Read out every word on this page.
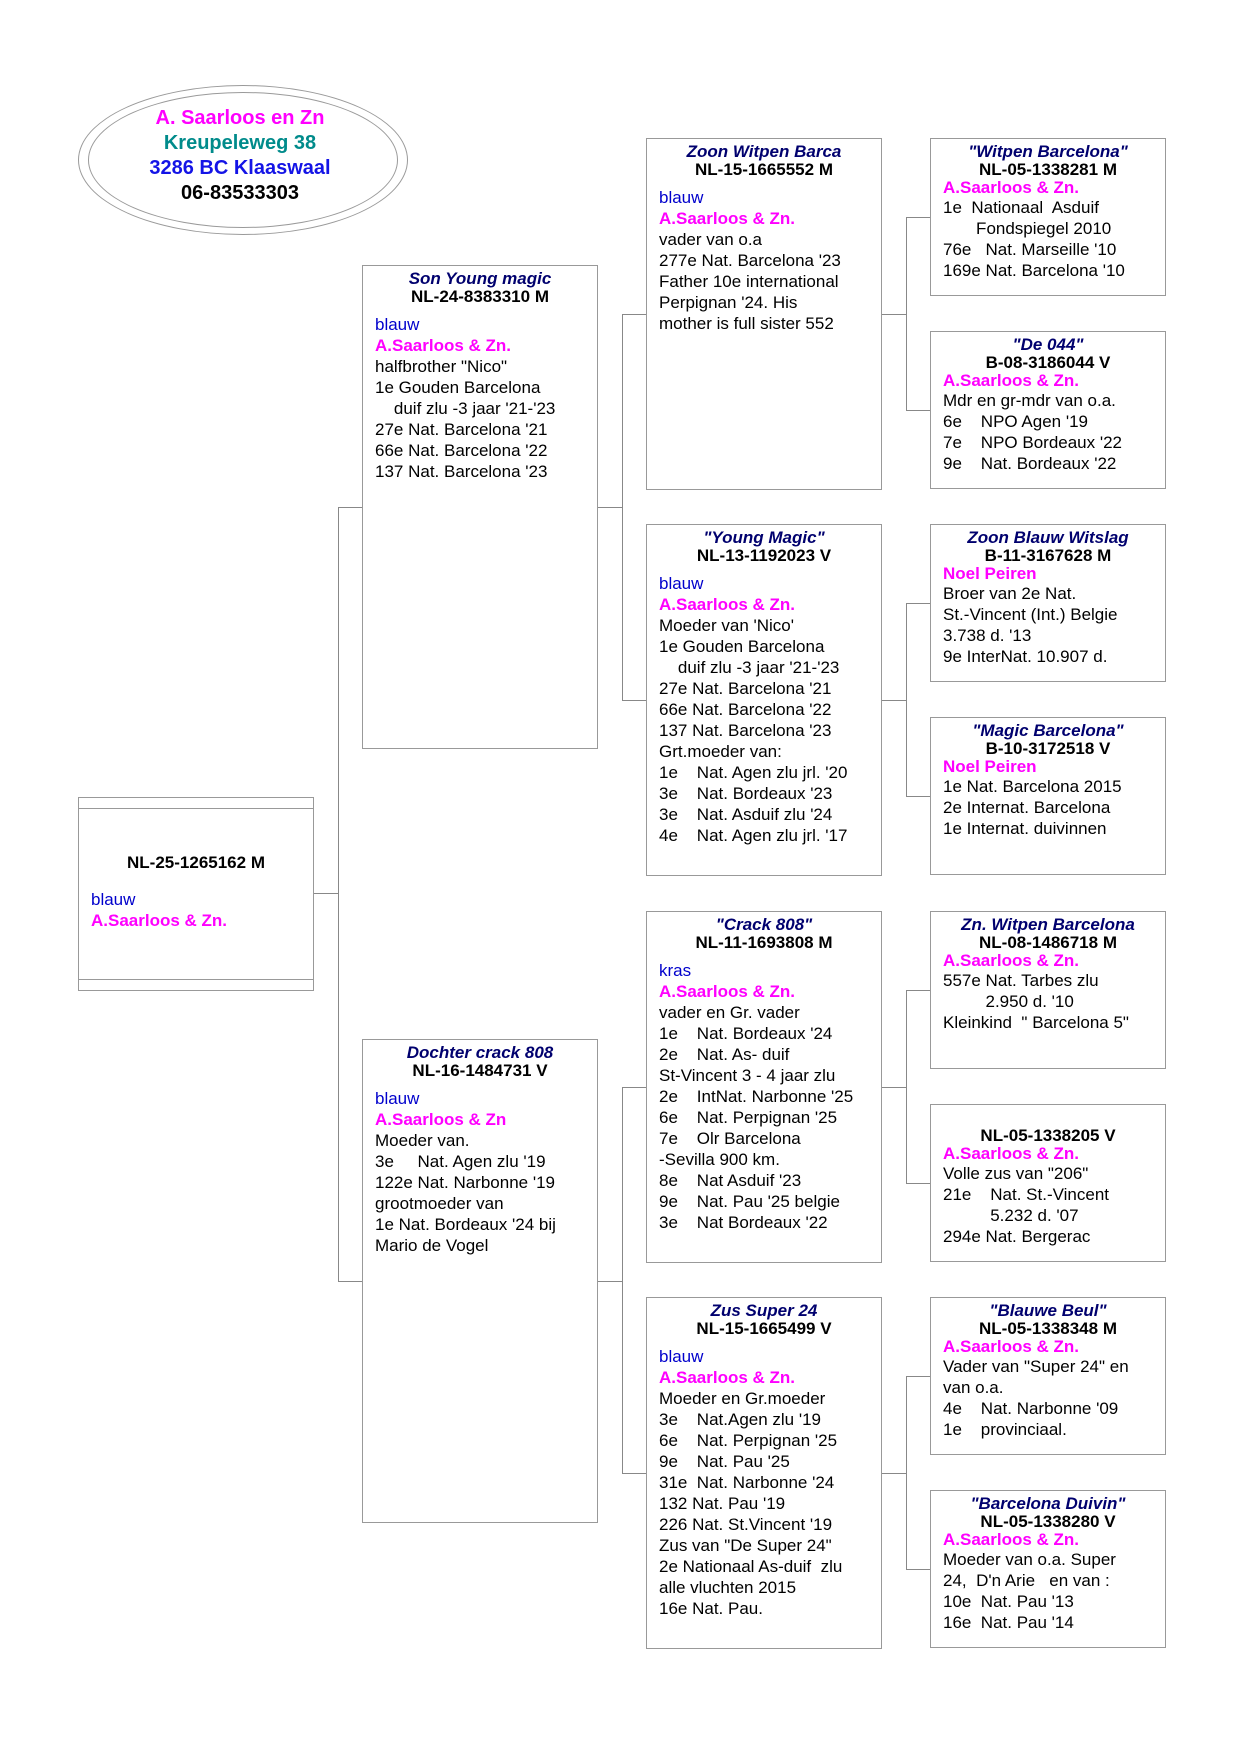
A. Saarloos en Zn
Kreupeleweg 38
3286 BC Klaaswaal
06-83533303
NL-25-1265162 M
blauw
A.Saarloos & Zn.
Son Young magic
NL-24-8383310 M
blauw
A.Saarloos & Zn.
halfbrother "Nico"
1e Gouden Barcelona
duif zlu -3 jaar '21-'23
27e Nat. Barcelona '21
66e Nat. Barcelona '22
137 Nat. Barcelona '23
Dochter crack 808
NL-16-1484731 V
blauw
A.Saarloos & Zn
Moeder van.
3e     Nat. Agen zlu '19
122e Nat. Narbonne '19
grootmoeder van
1e Nat. Bordeaux '24 bij
Mario de Vogel
Zoon Witpen Barca
NL-15-1665552 M
blauw
A.Saarloos & Zn.
vader van o.a
277e Nat. Barcelona '23
Father 10e international
Perpignan '24. His
mother is full sister 552
"Young Magic"
NL-13-1192023 V
blauw
A.Saarloos & Zn.
Moeder van 'Nico'
1e Gouden Barcelona
duif zlu -3 jaar '21-'23
27e Nat. Barcelona '21
66e Nat. Barcelona '22
137 Nat. Barcelona '23
Grt.moeder van:
1e    Nat. Agen zlu jrl. '20
3e    Nat. Bordeaux '23
3e    Nat. Asduif zlu '24
4e    Nat. Agen zlu jrl. '17
"Crack 808"
NL-11-1693808 M
kras
A.Saarloos & Zn.
vader en Gr. vader
1e    Nat. Bordeaux '24
2e    Nat. As- duif
St-Vincent 3 - 4 jaar zlu
2e    IntNat. Narbonne '25
6e    Nat. Perpignan '25
7e    Olr Barcelona
-Sevilla 900 km.
8e    Nat Asduif '23
9e    Nat. Pau '25 belgie
3e    Nat Bordeaux '22
Zus Super 24
NL-15-1665499 V
blauw
A.Saarloos & Zn.
Moeder en Gr.moeder
3e    Nat.Agen zlu '19
6e    Nat. Perpignan '25
9e    Nat. Pau '25
31e  Nat. Narbonne '24
132 Nat. Pau '19
226 Nat. St.Vincent '19
Zus van "De Super 24"
2e Nationaal As-duif  zlu
alle vluchten 2015
16e Nat. Pau.
"Witpen Barcelona"
NL-05-1338281 M
A.Saarloos & Zn.
1e  Nationaal  Asduif
Fondspiegel 2010
76e   Nat. Marseille '10
169e Nat. Barcelona '10
"De 044"
B-08-3186044 V
A.Saarloos & Zn.
Mdr en gr-mdr van o.a.
6e    NPO Agen '19
7e    NPO Bordeaux '22
9e    Nat. Bordeaux '22
Zoon Blauw Witslag
B-11-3167628 M
Noel Peiren
Broer van 2e Nat.
St.-Vincent (Int.) Belgie
3.738 d. '13
9e InterNat. 10.907 d.
"Magic Barcelona"
B-10-3172518 V
Noel Peiren
1e Nat. Barcelona 2015
2e Internat. Barcelona
1e Internat. duivinnen
Zn. Witpen Barcelona
NL-08-1486718 M
A.Saarloos & Zn.
557e Nat. Tarbes zlu
2.950 d. '10
Kleinkind  " Barcelona 5"
NL-05-1338205 V
A.Saarloos & Zn.
Volle zus van "206"
21e    Nat. St.-Vincent
5.232 d. '07
294e Nat. Bergerac
"Blauwe Beul"
NL-05-1338348 M
A.Saarloos & Zn.
Vader van "Super 24" en
van o.a.
4e    Nat. Narbonne '09
1e    provinciaal.
"Barcelona Duivin"
NL-05-1338280 V
A.Saarloos & Zn.
Moeder van o.a. Super
24,  D'n Arie   en van :
10e  Nat. Pau '13
16e  Nat. Pau '14
